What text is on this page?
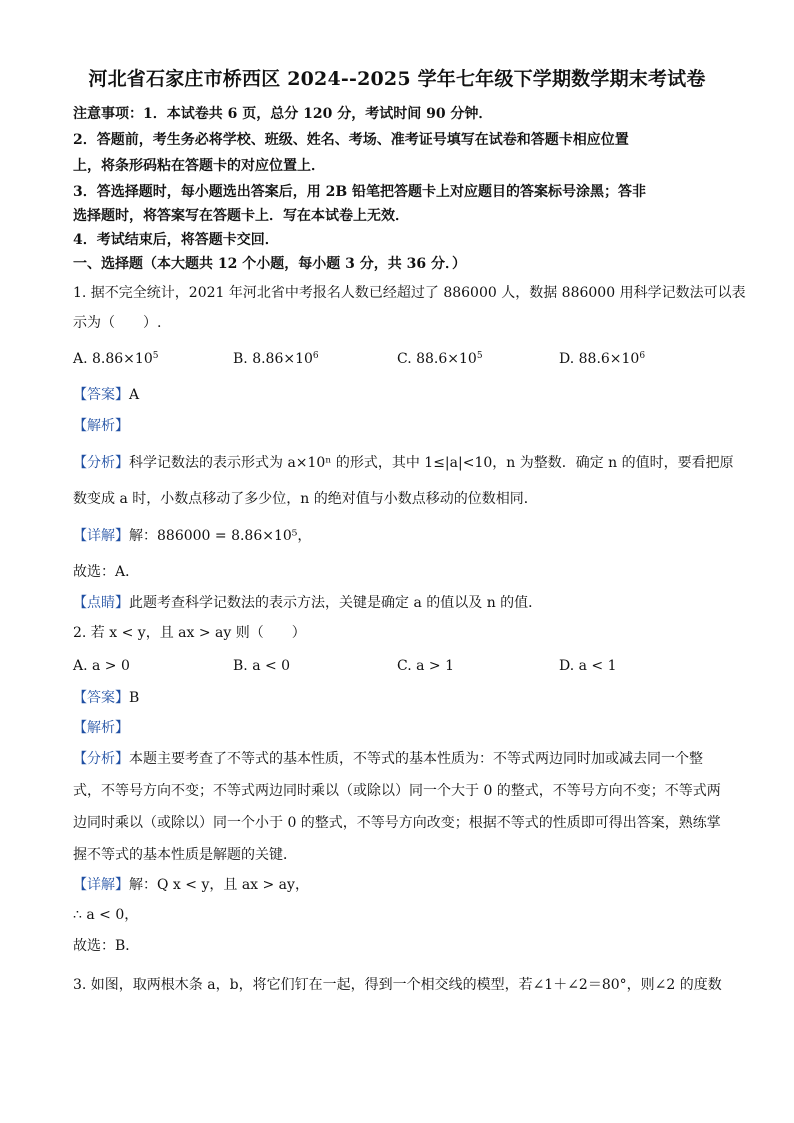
河北省石家庄市桥西区 2024--2025 学年七年级下学期数学期末考试卷
注意事项：1．本试卷共 6 页，总分 120 分，考试时间 90 分钟．
2．答题前，考生务必将学校、班级、姓名、考场、准考证号填写在试卷和答题卡相应位置
上，将条形码粘在答题卡的对应位置上．
3．答选择题时，每小题选出答案后，用 2B 铅笔把答题卡上对应题目的答案标号涂黑；答非
选择题时，将答案写在答题卡上．写在本试卷上无效．
4．考试结束后，将答题卡交回．
一、选择题（本大题共 12 个小题，每小题 3 分，共 36 分．）
1. 据不完全统计，2021 年河北省中考报名人数已经超过了 886000 人，数据 886000 用科学记数法可以表
示为（　　）.
A. $8.86\times 10^5$	B. $8.86\times 10^6$	C. $88.6\times 10^5$	D. $88.6\times 10^6$
【答案】A
【解析】
【分析】科学记数法的表示形式为 a×10ⁿ 的形式，其中 1≤|a|<10，n 为整数．确定 n 的值时，要看把原
数变成 a 时，小数点移动了多少位，n 的绝对值与小数点移动的位数相同．
【详解】解：886000 = 8.86×10⁵，
故选：A．
【点睛】此题考查科学记数法的表示方法，关键是确定 a 的值以及 n 的值．
2. 若 x < y，且 ax > ay 则（　　）
A. a > 0	B. a < 0	C. a > 1	D. a < 1
【答案】B
【解析】
【分析】本题主要考查了不等式的基本性质，不等式的基本性质为：不等式两边同时加或减去同一个整
式，不等号方向不变；不等式两边同时乘以（或除以）同一个大于 0 的整式，不等号方向不变；不等式两
边同时乘以（或除以）同一个小于 0 的整式，不等号方向改变；根据不等式的性质即可得出答案，熟练掌
握不等式的基本性质是解题的关键．
【详解】解：Q x < y，且 ax > ay，
∴ a < 0，
故选：B．
3. 如图，取两根木条 a，b，将它们钉在一起，得到一个相交线的模型，若∠1＋∠2＝80°，则∠2 的度数
